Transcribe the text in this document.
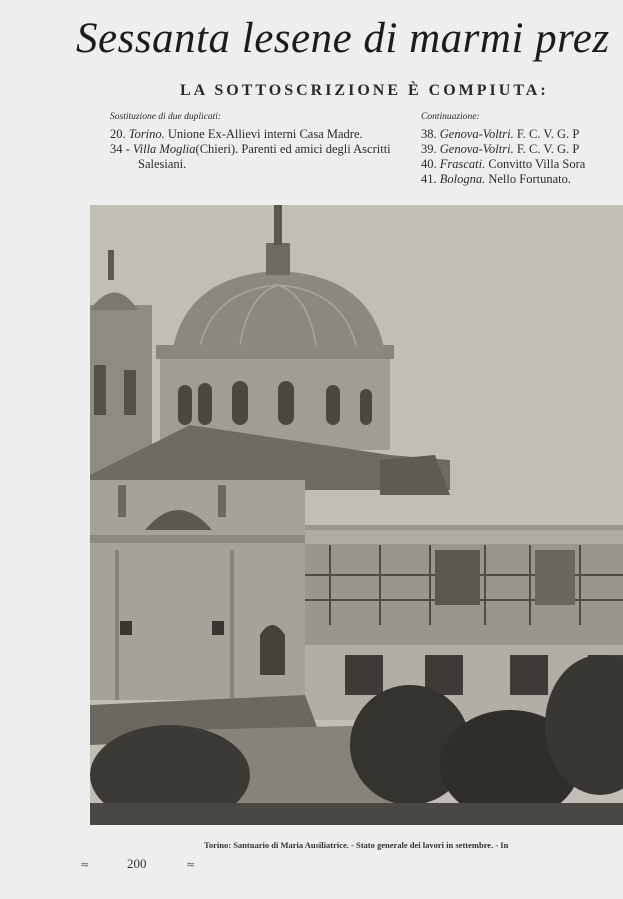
Sessanta lesene di marmi prez
LA SOTTOSCRIZIONE È COMPIUTA:
Sostituzione di due duplicati:
20. Torino. Unione Ex-Allievi interni Casa Madre.
34 - Villa Moglia(Chieri). Parenti ed amici degli Ascritti Salesiani.
Continuazione:
38. Genova-Voltri. F. C. V. G. P
39. Genova-Voltri. F. C. V. G. P
40. Frascati. Convitto Villa Sora
41. Bologna. Nello Fortunato.
Torino: Santuario di Maria Ausiliatrice. - Stato generale dei lavori in settembre. - In
≈	200	≈
